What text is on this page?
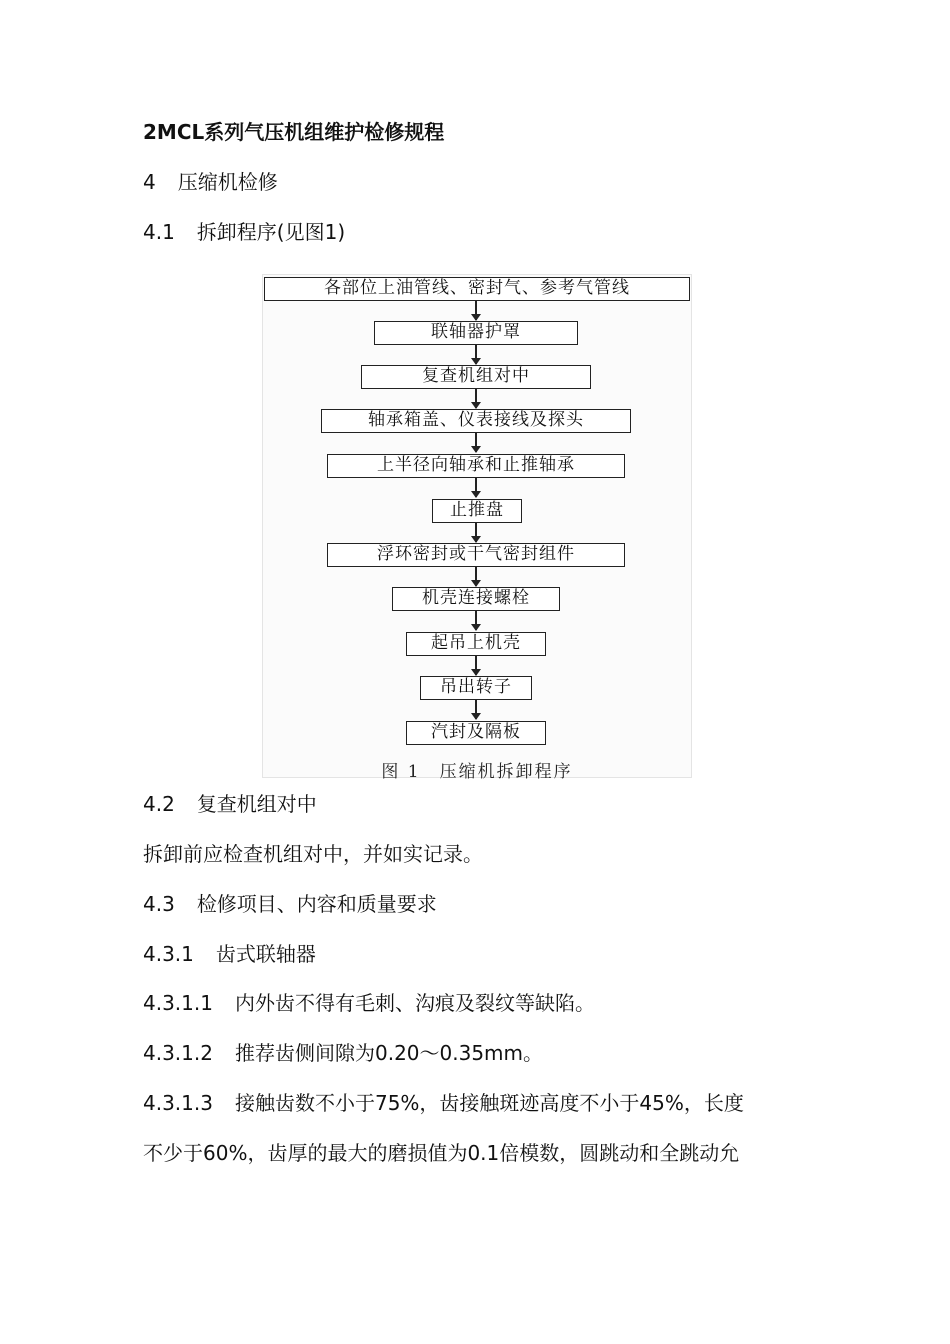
2MCL系列气压机组维护检修规程
4 压缩机检修
4.1 拆卸程序(见图1)
各部位上油管线、密封气、参考气管线
联轴器护罩
复查机组对中
轴承箱盖、仪表接线及探头
上半径向轴承和止推轴承
止推盘
浮环密封或干气密封组件
机壳连接螺栓
起吊上机壳
吊出转子
汽封及隔板
图 1　压缩机拆卸程序
4.2 复查机组对中
拆卸前应检查机组对中，并如实记录。
4.3 检修项目、内容和质量要求
4.3.1 齿式联轴器
4.3.1.1 内外齿不得有毛刺、沟痕及裂纹等缺陷。
4.3.1.2 推荐齿侧间隙为0.20～0.35mm。
4.3.1.3 接触齿数不小于75%，齿接触斑迹高度不小于45%，长度
不少于60%，齿厚的最大的磨损值为0.1倍模数，圆跳动和全跳动允
